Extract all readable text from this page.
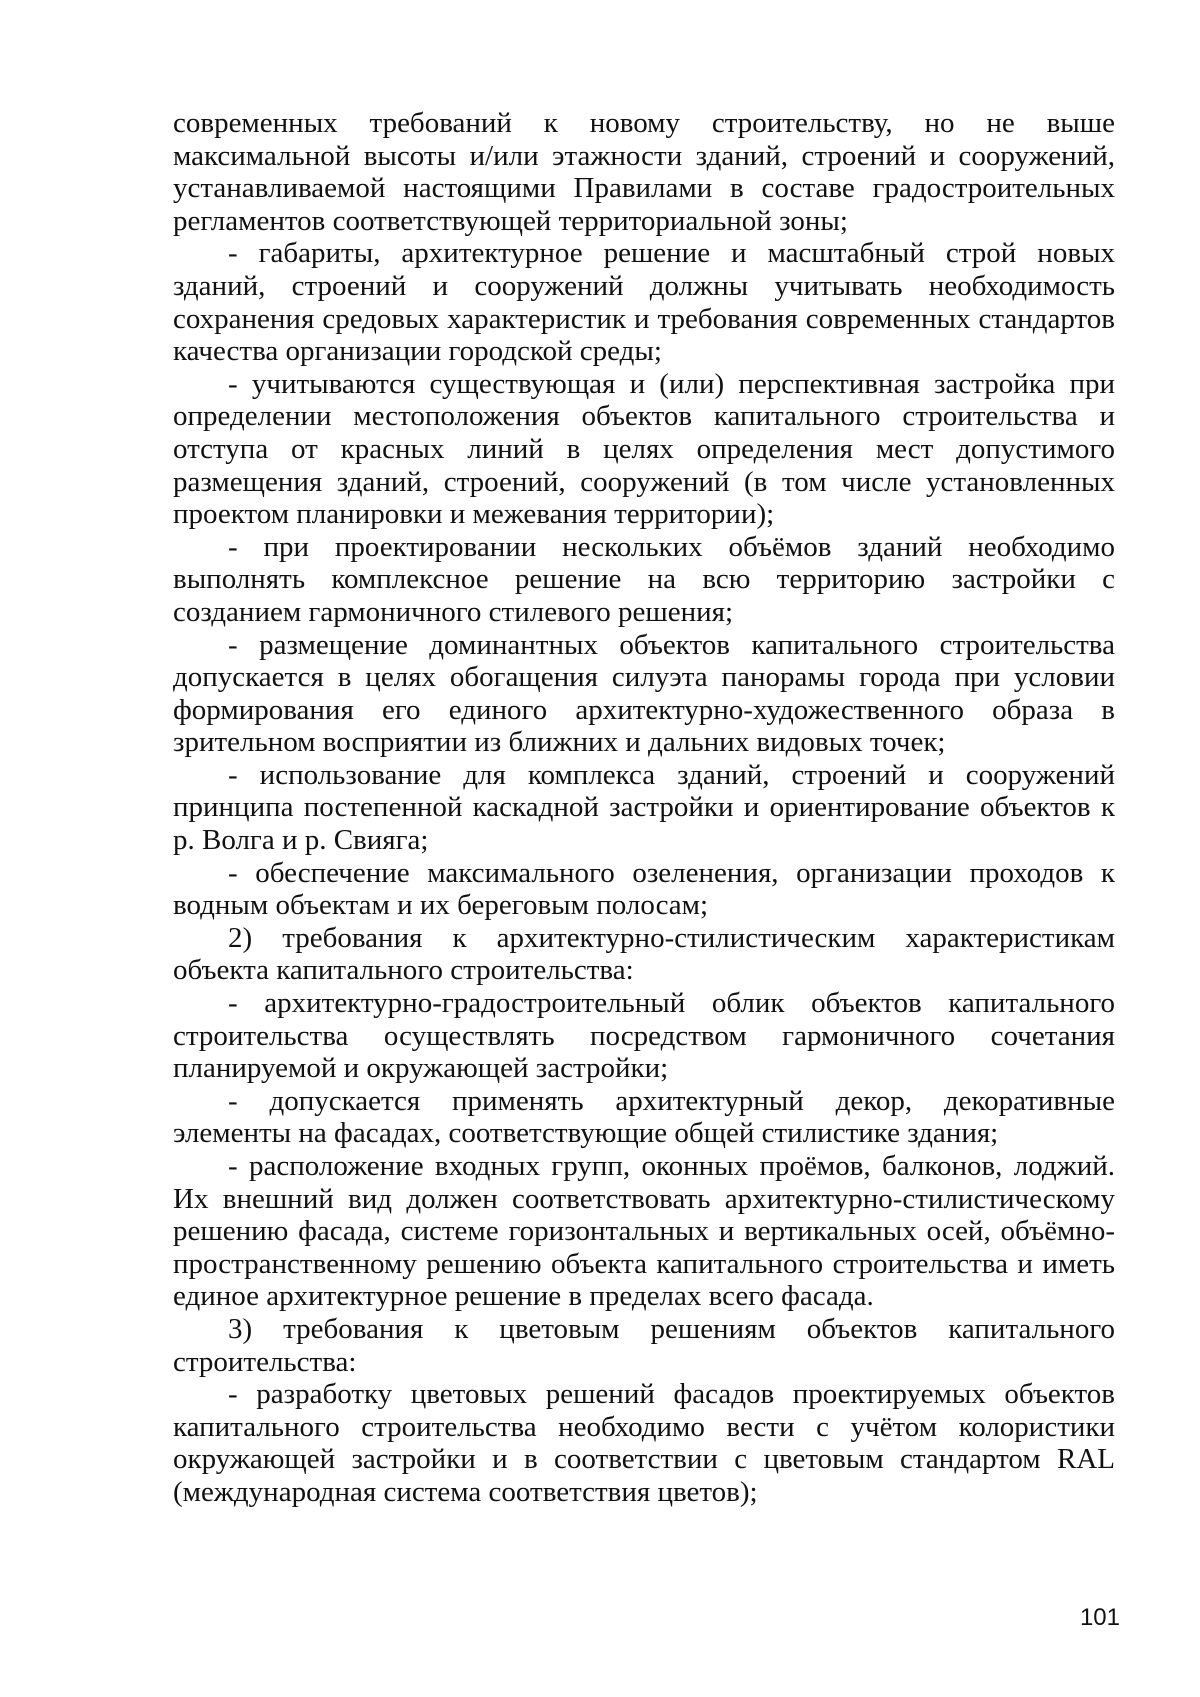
современных требований к новому строительству, но не выше максимальной высоты и/или этажности зданий, строений и сооружений, устанавливаемой настоящими Правилами в составе градостроительных регламентов соответствующей территориальной зоны;

- габариты, архитектурное решение и масштабный строй новых зданий, строений и сооружений должны учитывать необходимость сохранения средовых характеристик и требования современных стандартов качества организации городской среды;

- учитываются существующая и (или) перспективная застройка при определении местоположения объектов капитального строительства и отступа от красных линий в целях определения мест допустимого размещения зданий, строений, сооружений (в том числе установленных проектом планировки и межевания территории);

- при проектировании нескольких объёмов зданий необходимо выполнять комплексное решение на всю территорию застройки с созданием гармоничного стилевого решения;

- размещение доминантных объектов капитального строительства допускается в целях обогащения силуэта панорамы города при условии формирования его единого архитектурно-художественного образа в зрительном восприятии из ближних и дальних видовых точек;

- использование для комплекса зданий, строений и сооружений принципа постепенной каскадной застройки и ориентирование объектов к р. Волга и р. Свияга;

- обеспечение максимального озеленения, организации проходов к водным объектам и их береговым полосам;

2) требования к архитектурно-стилистическим характеристикам объекта капитального строительства:

- архитектурно-градостроительный облик объектов капитального строительства осуществлять посредством гармоничного сочетания планируемой и окружающей застройки;

- допускается применять архитектурный декор, декоративные элементы на фасадах, соответствующие общей стилистике здания;

- расположение входных групп, оконных проёмов, балконов, лоджий. Их внешний вид должен соответствовать архитектурно-стилистическому решению фасада, системе горизонтальных и вертикальных осей, объёмно-пространственному решению объекта капитального строительства и иметь единое архитектурное решение в пределах всего фасада.

3) требования к цветовым решениям объектов капитального строительства:

- разработку цветовых решений фасадов проектируемых объектов капитального строительства необходимо вести с учётом колористики окружающей застройки и в соответствии с цветовым стандартом RAL (международная система соответствия цветов);

101
